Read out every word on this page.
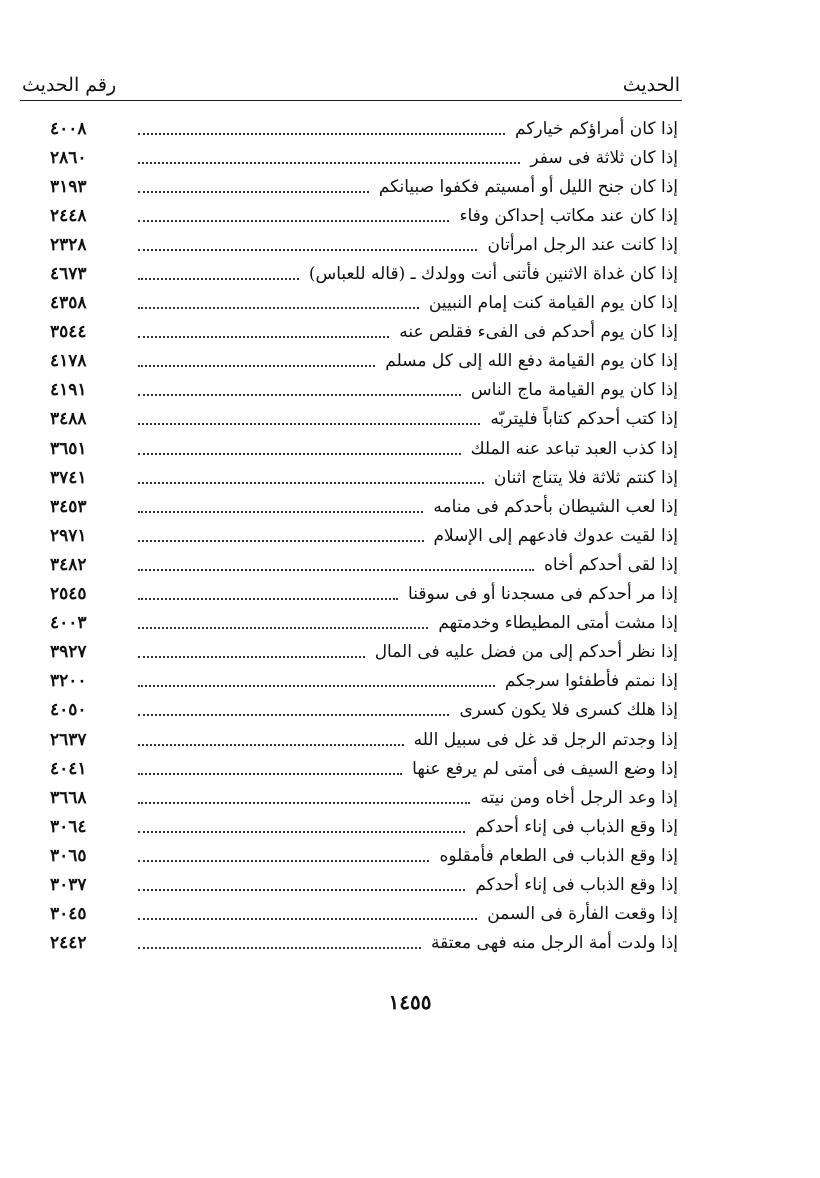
الحديث
رقم الحديث
إذا كان أمراؤكم خياركم
٤٠٠٨
إذا كان ثلاثة فى سفر
٢٨٦٠
إذا كان جنح الليل أو أمسيتم فكفوا صبيانكم
٣١٩٣
إذا كان عند مكاتب إحداكن وفاء
٢٤٤٨
إذا كانت عند الرجل امرأتان
٢٣٢٨
إذا كان غداة الاثنين فأتنى أنت وولدك ـ (قاله للعباس)
٤٦٧٣
إذا كان يوم القيامة كنت إمام النبيين
٤٣٥٨
إذا كان يوم أحدكم فى الفىء فقلص عنه
٣٥٤٤
إذا كان يوم القيامة دفع الله إلى كل مسلم
٤١٧٨
إذا كان يوم القيامة ماج الناس
٤١٩١
إذا كتب أحدكم كتاباً فليتربّه
٣٤٨٨
إذا كذب العبد تباعد عنه الملك
٣٦٥١
إذا كنتم ثلاثة فلا يتناج اثنان
٣٧٤١
إذا لعب الشيطان بأحدكم فى منامه
٣٤٥٣
إذا لقيت عدوك فادعهم إلى الإسلام
٢٩٧١
إذا لقى أحدكم أخاه
٣٤٨٢
إذا مر أحدكم فى مسجدنا أو فى سوقنا
٢٥٤٥
إذا مشت أمتى المطيطاء وخدمتهم
٤٠٠٣
إذا نظر أحدكم إلى من فضل عليه فى المال
٣٩٢٧
إذا نمتم فأطفئوا سرجكم
٣٢٠٠
إذا هلك كسرى فلا يكون كسرى
٤٠٥٠
إذا وجدتم الرجل قد غل فى سبيل الله
٢٦٣٧
إذا وضع السيف فى أمتى لم يرفع عنها
٤٠٤١
إذا وعد الرجل أخاه ومن نيته
٣٦٦٨
إذا وقع الذباب فى إناء أحدكم
٣٠٦٤
إذا وقع الذباب فى الطعام فأمقلوه
٣٠٦٥
إذا وقع الذباب فى إناء أحدكم
٣٠٣٧
إذا وقعت الفأرة فى السمن
٣٠٤٥
إذا ولدت أمة الرجل منه فهى معتقة
٢٤٤٢
١٤٥٥
